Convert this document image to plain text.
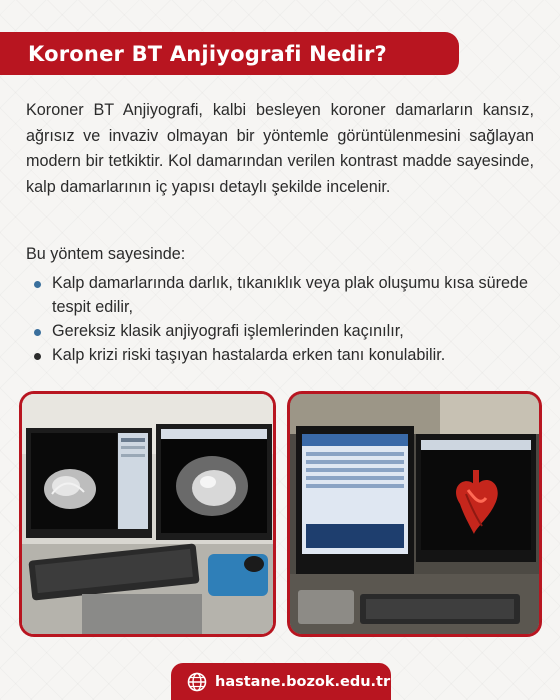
Koroner BT Anjiyografi Nedir?

Koroner BT Anjiyografi, kalbi besleyen koroner damarların kansız, ağrısız ve invaziv olmayan bir yöntemle görüntülenmesini sağlayan modern bir tetkiktir. Kol damarından verilen kontrast madde sayesinde, kalp damarlarının iç yapısı detaylı şekilde incelenir.

Bu yöntem sayesinde:

Kalp damarlarında darlık, tıkanıklık veya plak oluşumu kısa sürede tespit edilir,
Gereksiz klasik anjiyografi işlemlerinden kaçınılır,
Kalp krizi riski taşıyan hastalarda erken tanı konulabilir.
hastane.bozok.edu.tr
